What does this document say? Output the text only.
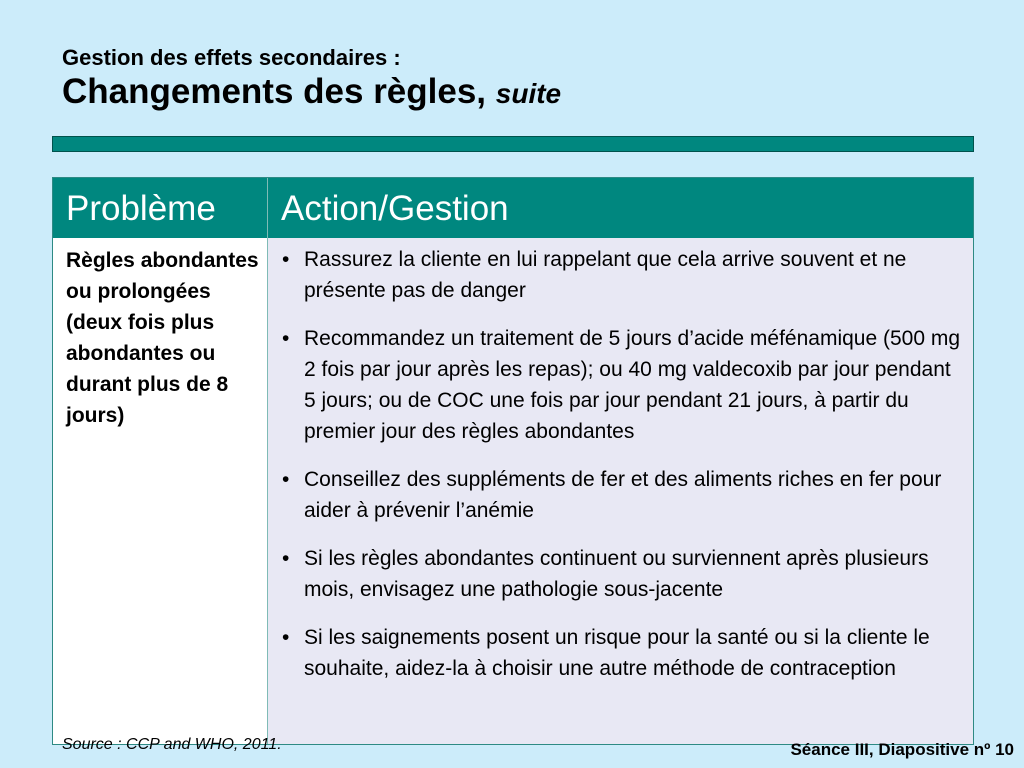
Gestion des effets secondaires :

Changements des règles, suite

Problème Action/Gestion
Règles abondantes ou prolongées (deux fois plus abondantes ou durant plus de 8 jours)
• Rassurez la cliente en lui rappelant que cela arrive souvent et ne présente pas de danger
• Recommandez un traitement de 5 jours d’acide méfénamique (500 mg 2 fois par jour après les repas); ou 40 mg valdecoxib par jour pendant 5 jours; ou de COC une fois par jour pendant 21 jours, à partir du premier jour des règles abondantes
• Conseillez des suppléments de fer et des aliments riches en fer pour aider à prévenir l’anémie
• Si les règles abondantes continuent ou surviennent après plusieurs mois, envisagez une pathologie sous-jacente
• Si les saignements posent un risque pour la santé ou si la cliente le souhaite, aidez-la à choisir une autre méthode de contraception
Source : CCP and WHO, 2011.	Séance III, Diapositive nº 10
